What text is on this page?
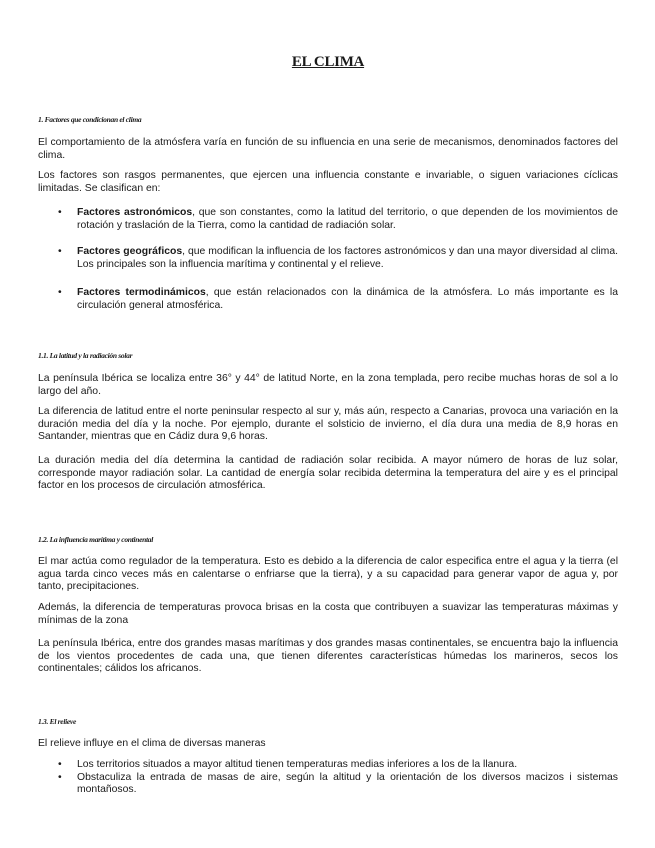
EL CLIMA
1. Factores que condicionan el clima

El comportamiento de la atmósfera varía en función de su influencia en una serie de mecanismos, denominados factores del clima.

Los factores son rasgos permanentes, que ejercen una influencia constante e invariable, o siguen variaciones cíclicas limitadas. Se clasifican en:

• Factores astronómicos, que son constantes, como la latitud del territorio, o que dependen de los movimientos de rotación y traslación de la Tierra, como la cantidad de radiación solar.
• Factores geográficos, que modifican la influencia de los factores astronómicos y dan una mayor diversidad al clima. Los principales son la influencia marítima y continental y el relieve.
• Factores termodinámicos, que están relacionados con la dinámica de la atmósfera. Lo más importante es la circulación general atmosférica.
1.1. La latitud y la radiación solar

La península Ibérica se localiza entre 36° y 44° de latitud Norte, en la zona templada, pero recibe muchas horas de sol a lo largo del año.

La diferencia de latitud entre el norte peninsular respecto al sur y, más aún, respecto a Canarias, provoca una variación en la duración media del día y la noche. Por ejemplo, durante el solsticio de invierno, el día dura una media de 8,9 horas en Santander, mientras que en Cádiz dura 9,6 horas.

La duración media del día determina la cantidad de radiación solar recibida. A mayor número de horas de luz solar, corresponde mayor radiación solar. La cantidad de energía solar recibida determina la temperatura del aire y es el principal factor en los procesos de circulación atmosférica.

1.2. La influencia marítima y continental

El mar actúa como regulador de la temperatura. Esto es debido a la diferencia de calor especifica entre el agua y la tierra (el agua tarda cinco veces más en calentarse o enfriarse que la tierra), y a su capacidad para generar vapor de agua y, por tanto, precipitaciones.

Además, la diferencia de temperaturas provoca brisas en la costa que contribuyen a suavizar las temperaturas máximas y mínimas de la zona

La península Ibérica, entre dos grandes masas marítimas y dos grandes masas continentales, se encuentra bajo la influencia de los vientos procedentes de cada una, que tienen diferentes características húmedas los marineros, secos los continentales; cálidos los africanos.

1.3. El relieve

El relieve influye en el clima de diversas maneras

• Los territorios situados a mayor altitud tienen temperaturas medias inferiores a los de la llanura.
• Obstaculiza la entrada de masas de aire, según la altitud y la orientación de los diversos macizos i sistemas montañosos.
